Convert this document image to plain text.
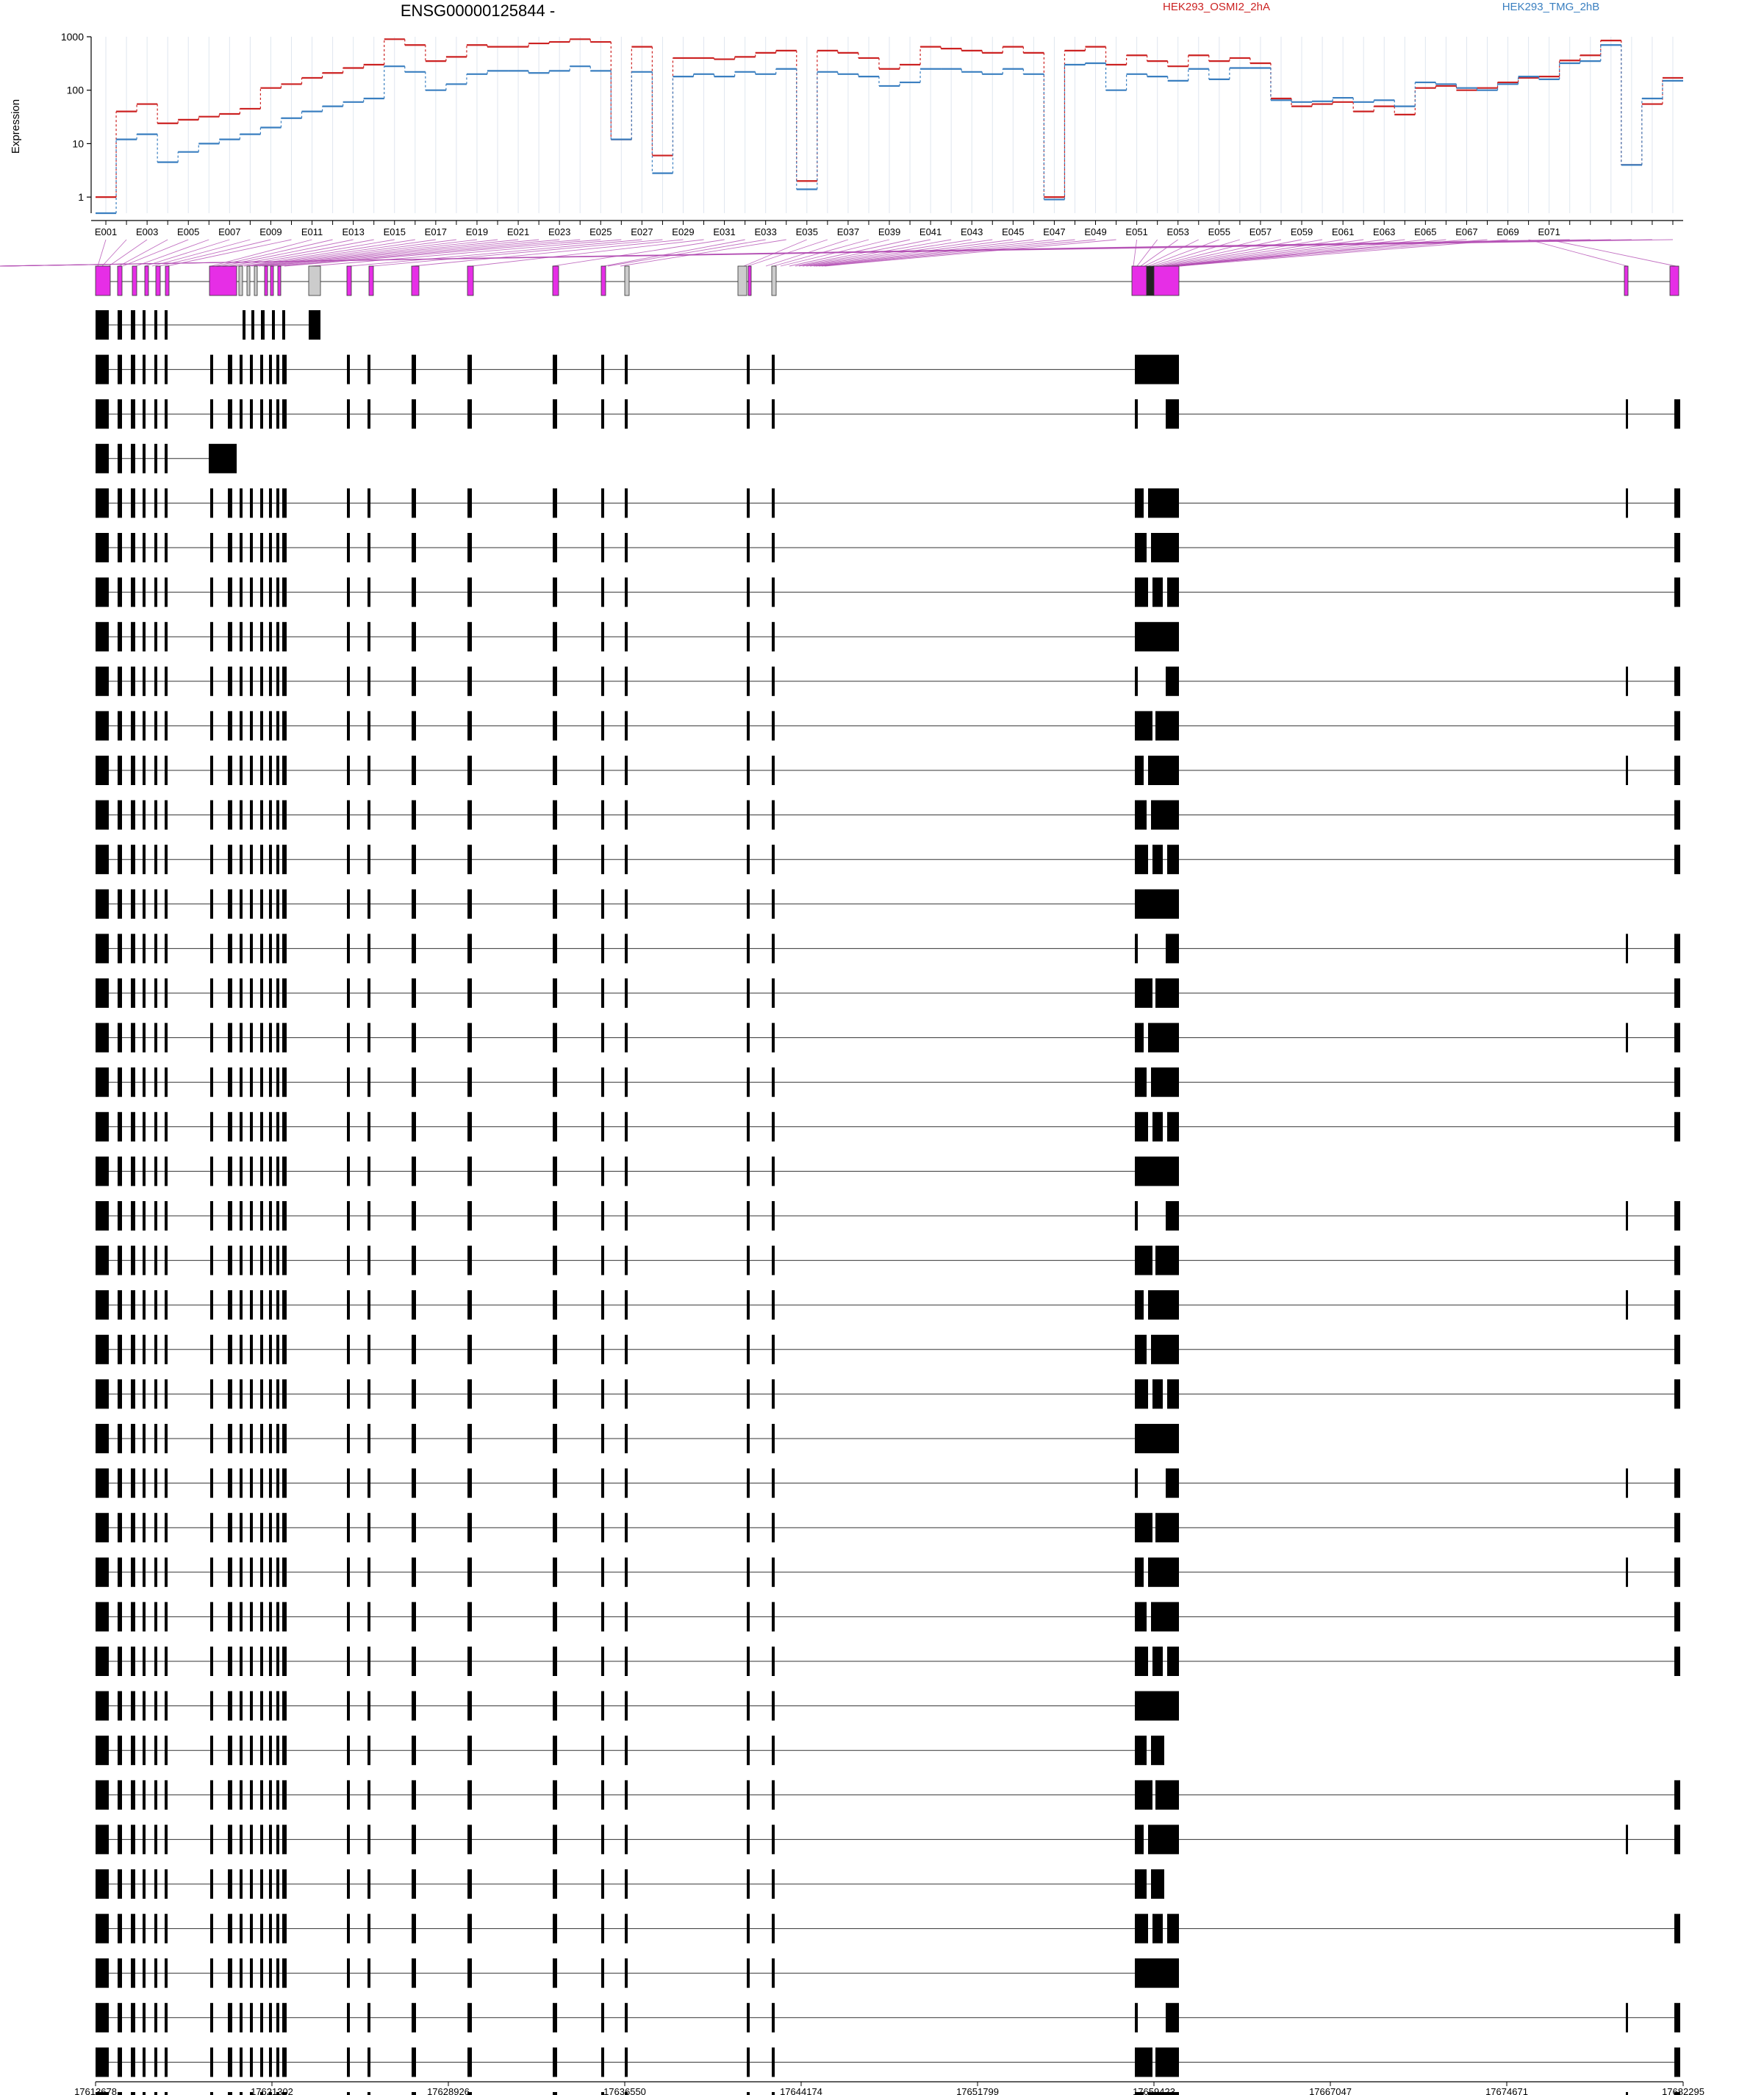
ENSG00000125844 -	HEK293_OSMI2_2hA	HEK293_TMG_2hB
Expression
1
10
100
1000
E001 E003 E005 E007 E009 E011 E013 E015 E017 E019 E021 E023 E025 E027 E029 E031 E033 E035 E037 E039 E041 E043 E045 E047 E049 E051 E053 E055 E057 E059 E061 E063 E065 E067 E069 E071
17613678	17621302	17628926	17636550	17644174	17651799	17659423	17667047	17674671	17682295
